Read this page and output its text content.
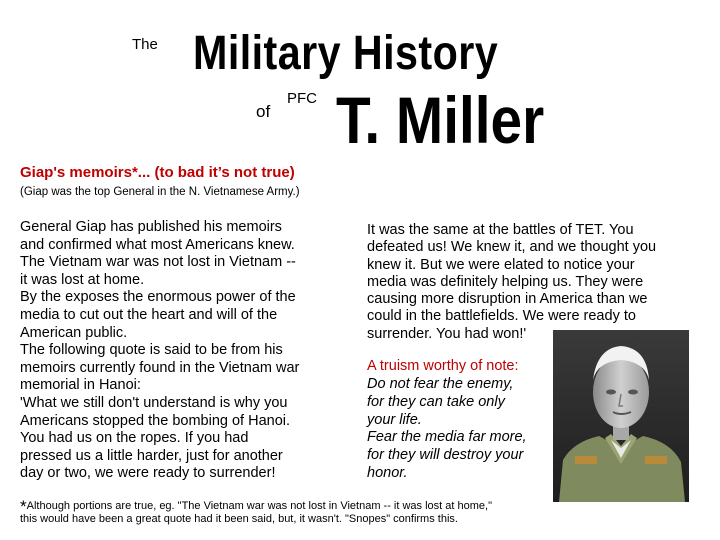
The Military History
of
PFC T. Miller
Giap's memoirs*... (to bad it’s not true)
(Giap was the top General in the N. Vietnamese Army.)
General Giap has published his memoirs
and confirmed what most Americans knew.
The Vietnam war was not lost in Vietnam --
it was lost at home.
By the exposes the enormous power of the
media to cut out the heart and will of the
American public.
The following quote is said to be from his
memoirs currently found in the Vietnam war
memorial in Hanoi:
'What we still don't understand is why you
Americans stopped the bombing of Hanoi.
You had us on the ropes. If you had
pressed us a little harder, just for another
day or two, we were ready to surrender!
It was the same at the battles of TET. You
defeated us! We knew it, and we thought you
knew it. But we were elated to notice your
media was definitely helping us. They were
causing more disruption in America than we
could in the battlefields. We were ready to
surrender. You had won!'
A truism worthy of note:
Do not fear the enemy,
for they can take only
your life.
Fear the media far more,
for they will destroy your
honor.
*Although portions are true, eg. "The Vietnam war was not lost in Vietnam -- it was lost at home,"
this would have been a great quote had it been said, but, it wasn't. "Snopes" confirms this.
